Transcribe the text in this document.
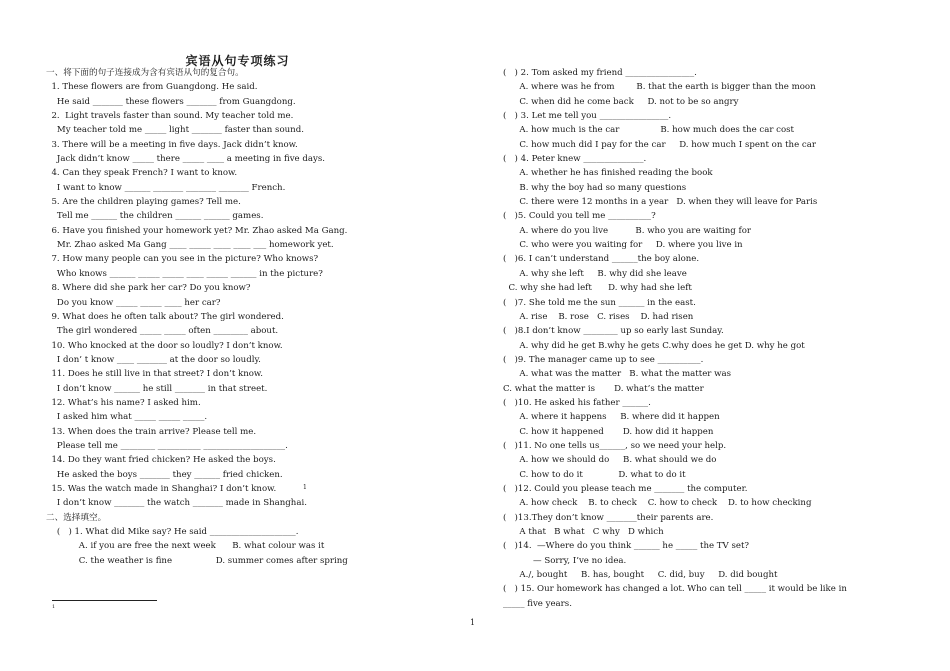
宾语从句专项练习
一、将下面的句子连接成为含有宾语从句的复合句。
1. These flowers are from Guangdong. He said.
He said _______ these flowers _______ from Guangdong.
2.  Light travels faster than sound. My teacher told me.
My teacher told me _____ light _______ faster than sound.
3. There will be a meeting in five days. Jack didn’t know.
Jack didn’t know _____ there _____ ____ a meeting in five days.
4. Can they speak French? I want to know.
I want to know ______ _______ _______ _______ French.
5. Are the children playing games? Tell me.
Tell me ______ the children ______ ______ games.
6. Have you finished your homework yet? Mr. Zhao asked Ma Gang.
Mr. Zhao asked Ma Gang ____ _____ ____ ____ ___ homework yet.
7. How many people can you see in the picture? Who knows?
Who knows ______ _____ _____ ____ _____ ______ in the picture?
8. Where did she park her car? Do you know?
Do you know _____ _____ ____ her car?
9. What does he often talk about? The girl wondered.
The girl wondered _____ _____ often ________ about.
10. Who knocked at the door so loudly? I don’t know.
I don’ t know ____ _______ at the door so loudly.
11. Does he still live in that street? I don’t know.
I don’t know ______ he still _______ in that street.
12. What’s his name? I asked him.
I asked him what _____ _____ _____.
13. When does the train arrive? Please tell me.
Please tell me ________ __________ ___________________.
14. Do they want fried chicken? He asked the boys.
He asked the boys _______ they ______ fried chicken.
15. Was the watch made in Shanghai? I don’t know.
I don’t know _______ the watch _______ made in Shanghai.
二、选择填空。
(   ) 1. What did Mike say? He said ____________________.
A. if you are free the next week      B. what colour was it
C. the weather is fine                D. summer comes after spring
(   ) 2. Tom asked my friend ________________.
A. where was he from        B. that the earth is bigger than the moon
C. when did he come back     D. not to be so angry
(   ) 3. Let me tell you ________________.
A. how much is the car               B. how much does the car cost
C. how much did I pay for the car     D. how much I spent on the car
(   ) 4. Peter knew ______________.
A. whether he has finished reading the book
B. why the boy had so many questions
C. there were 12 months in a year   D. when they will leave for Paris
(   )5. Could you tell me __________?
A. where do you live          B. who you are waiting for
C. who were you waiting for     D. where you live in
(   )6. I can’t understand ______the boy alone.
A. why she left     B. why did she leave
C. why she had left      D. why had she left
(   )7. She told me the sun ______ in the east.
A. rise    B. rose   C. rises    D. had risen
(   )8.I don’t know ________ up so early last Sunday.
A. why did he get B.why he gets C.why does he get D. why he got
(   )9. The manager came up to see __________.
A. what was the matter   B. what the matter was
C. what the matter is       D. what’s the matter
(   )10. He asked his father ______.
A. where it happens     B. where did it happen
C. how it happened       D. how did it happen
(   )11. No one tells us______, so we need your help.
A. how we should do     B. what should we do
C. how to do it             D. what to do it
(   )12. Could you please teach me _______ the computer.
A. how check    B. to check    C. how to check    D. to how checking
(   )13.They don’t know _______their parents are.
A that   B what   C why   D which
(   )14.  —Where do you think ______ he _____ the TV set?
— Sorry, I’ve no idea.
A./, bought     B. has, bought     C. did, buy     D. did bought
(   ) 15. Our homework has changed a lot. Who can tell _____ it would be like in
_____ five years.
1
1
1
